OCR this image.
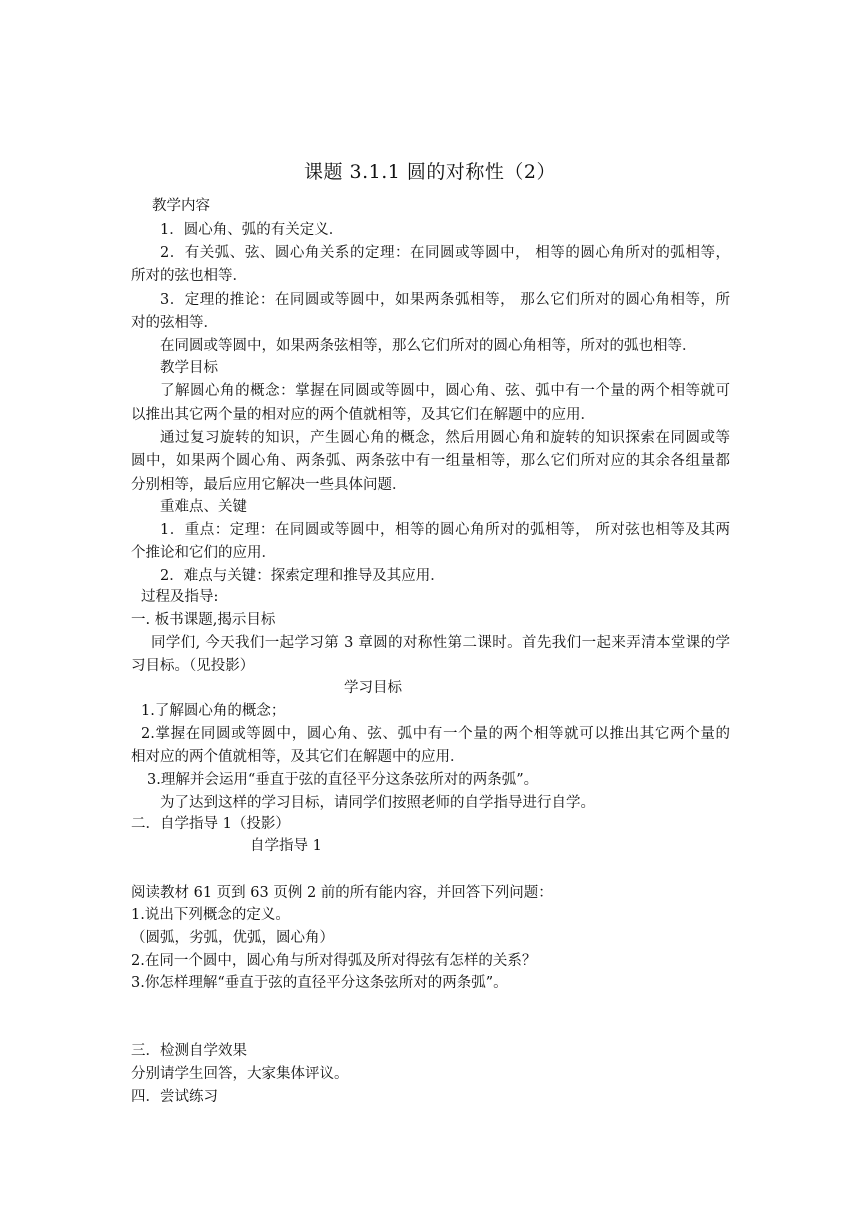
课题 3.1.1 圆的对称性（2）
教学内容
1．圆心角、弧的有关定义．
2．有关弧、弦、圆心角关系的定理：在同圆或等圆中， 相等的圆心角所对的弧相等，
所对的弦也相等．
3．定理的推论：在同圆或等圆中，如果两条弧相等， 那么它们所对的圆心角相等，所
对的弦相等．
在同圆或等圆中，如果两条弦相等，那么它们所对的圆心角相等，所对的弧也相等．
教学目标
了解圆心角的概念：掌握在同圆或等圆中，圆心角、弦、弧中有一个量的两个相等就可
以推出其它两个量的相对应的两个值就相等，及其它们在解题中的应用．
通过复习旋转的知识，产生圆心角的概念，然后用圆心角和旋转的知识探索在同圆或等
圆中，如果两个圆心角、两条弧、两条弦中有一组量相等，那么它们所对应的其余各组量都
分别相等，最后应用它解决一些具体问题．
重难点、关键
1．重点：定理：在同圆或等圆中，相等的圆心角所对的弧相等， 所对弦也相等及其两
个推论和它们的应用．
2．难点与关键：探索定理和推导及其应用．
过程及指导:
一. 板书课题,揭示目标
同学们, 今天我们一起学习第 3 章圆的对称性第二课时。首先我们一起来弄清本堂课的学
习目标。（见投影）
学习目标
1.了解圆心角的概念；
2.掌握在同圆或等圆中，圆心角、弦、弧中有一个量的两个相等就可以推出其它两个量的
相对应的两个值就相等，及其它们在解题中的应用．
3.理解并会运用“垂直于弦的直径平分这条弦所对的两条弧”。
为了达到这样的学习目标，请同学们按照老师的自学指导进行自学。
二．自学指导 1（投影）
自学指导 1
阅读教材 61 页到 63 页例 2 前的所有能内容，并回答下列问题：
1.说出下列概念的定义。
（圆弧，劣弧，优弧，圆心角）
2.在同一个圆中，圆心角与所对得弧及所对得弦有怎样的关系？
3.你怎样理解“垂直于弦的直径平分这条弦所对的两条弧”。
三．检测自学效果
分别请学生回答，大家集体评议。
四．尝试练习
